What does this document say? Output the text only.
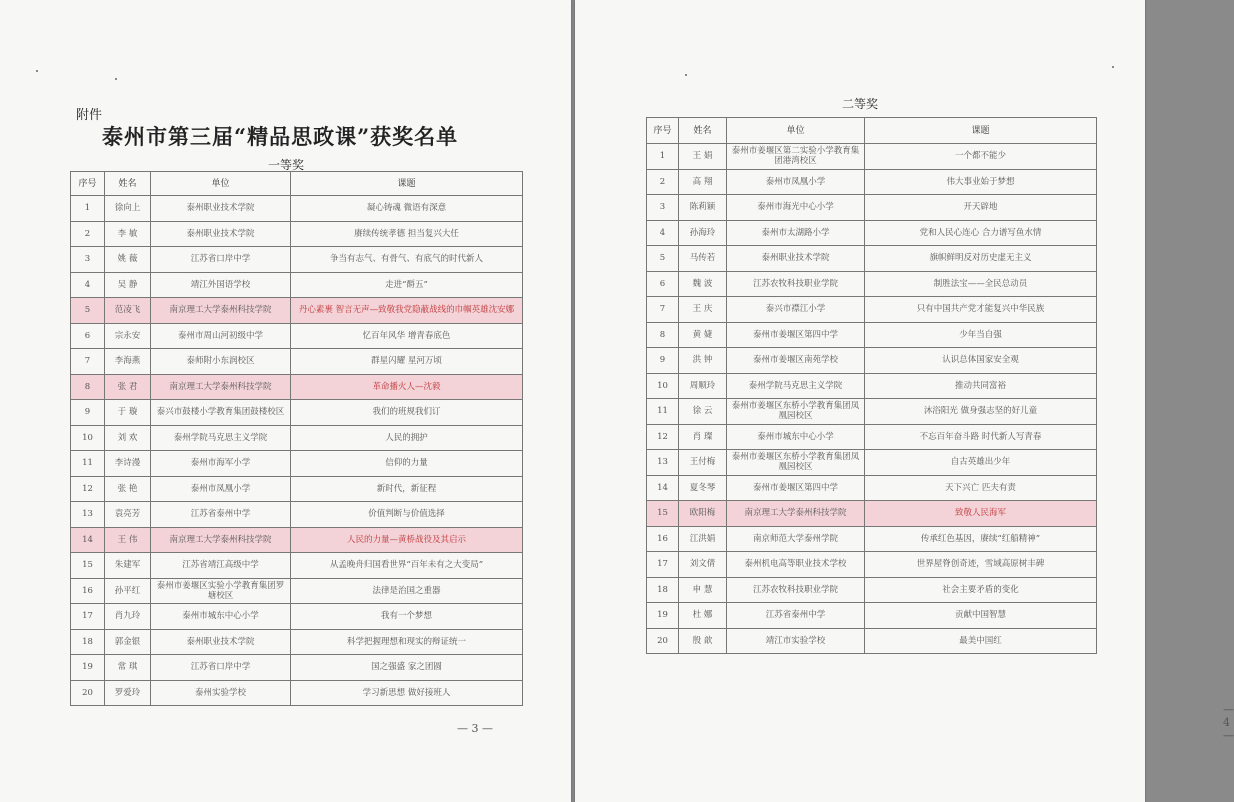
附件
泰州市第三届“精品思政课”获奖名单
一等奖
序号	姓名	单位	课题
1	徐向上	泰州职业技术学院	凝心铸魂 微语有深意
2	李 敏	泰州职业技术学院	赓续传统孝德 担当复兴大任
3	姚 薇	江苏省口岸中学	争当有志气、有骨气、有底气的时代新人
4	吴 静	靖江外国语学校	走进“酹五”
5	范凌飞	南京理工大学泰州科技学院	丹心素裹 智言无声—致敬我党隐蔽战线的巾帼英雄沈安娜
6	宗永安	泰州市周山河初级中学	忆百年风华 增青春底色
7	李海燕	泰师附小东润校区	群星闪耀 星河万顷
8	张 君	南京理工大学泰州科技学院	革命播火人—沈毅
9	于 璇	泰兴市鼓楼小学教育集团鼓楼校区	我们的班规我们订
10	刘 欢	泰州学院马克思主义学院	人民的拥护
11	李诗漫	泰州市海军小学	信仰的力量
12	张 艳	泰州市凤凰小学	新时代，新征程
13	袁亮芳	江苏省泰州中学	价值判断与价值选择
14	王 伟	南京理工大学泰州科技学院	人民的力量—黄桥战役及其启示
15	朱建军	江苏省靖江高级中学	从孟晚舟归国看世界“百年未有之大变局”
16	孙平红	泰州市姜堰区实验小学教育集团罗塘校区	法律是治国之重器
17	肖九玲	泰州市城东中心小学	我有一个梦想
18	郭金银	泰州职业技术学院	科学把握理想和现实的辩证统一
19	常 琪	江苏省口岸中学	国之强盛 家之团圆
20	罗爱玲	泰州实验学校	学习新思想 做好接班人
— 3 —
— 4 —
二等奖
序号	姓名	单位	课题
1	王 娟	泰州市姜堰区第二实验小学教育集团港湾校区	一个都不能少
2	高 翔	泰州市凤凰小学	伟大事业始于梦想
3	陈莉颖	泰州市海光中心小学	开天辟地
4	孙海玲	泰州市太湖路小学	党和人民心连心 合力谱写鱼水情
5	马传若	泰州职业技术学院	旗帜鲜明反对历史虚无主义
6	魏 波	江苏农牧科技职业学院	制胜法宝——全民总动员
7	王 庆	泰兴市襟江小学	只有中国共产党才能复兴中华民族
8	黄 婕	泰州市姜堰区第四中学	少年当自强
9	洪 钟	泰州市姜堰区南苑学校	认识总体国家安全观
10	周顺玲	泰州学院马克思主义学院	推动共同富裕
11	徐 云	泰州市姜堰区东桥小学教育集团凤凰园校区	沐浴阳光 做身强志坚的好儿童
12	肖 璨	泰州市城东中心小学	不忘百年奋斗路 时代新人写青春
13	王付梅	泰州市姜堰区东桥小学教育集团凤凰园校区	自古英雄出少年
14	夏冬琴	泰州市姜堰区第四中学	天下兴亡 匹夫有责
15	欧阳梅	南京理工大学泰州科技学院	致敬人民海军
16	江洪娟	南京师范大学泰州学院	传承红色基因，赓续“红船精神”
17	刘文倩	泰州机电高等职业技术学校	世界屋脊创奇迹，雪域高原树丰碑
18	申 慧	江苏农牧科技职业学院	社会主要矛盾的变化
19	杜 娜	江苏省泰州中学	贡献中国智慧
20	殷 歆	靖江市实验学校	最美中国红
